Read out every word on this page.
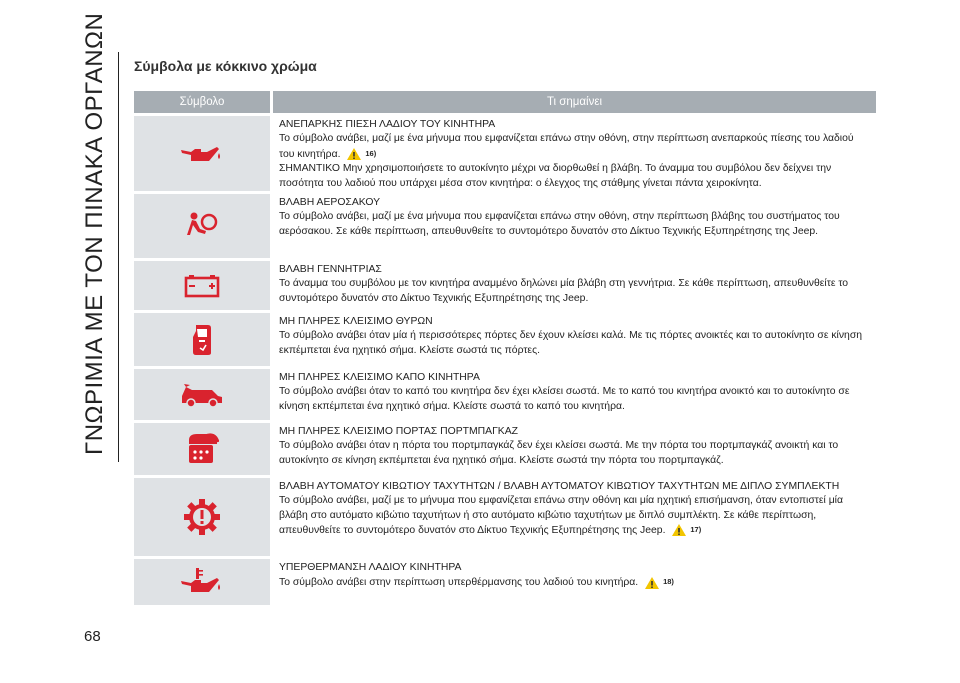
ΓΝΩΡΙΜΙΑ ΜΕ ΤΟΝ ΠΙΝΑΚΑ ΟΡΓΑΝΩΝ
68
Σύμβολα με κόκκινο χρώμα
Σύμβολο	Τι σημαίνει
ΑΝΕΠΑΡΚΗΣ ΠΙΕΣΗ ΛΑΔΙΟΥ ΤΟΥ ΚΙΝΗΤΗΡΑ
Το σύμβολο ανάβει, μαζί με ένα μήνυμα που εμφανίζεται επάνω στην οθόνη, στην περίπτωση ανεπαρκούς πίεσης του λαδιού του κινητήρα.	16)
ΣΗΜΑΝΤΙΚΟ Μην χρησιμοποιήσετε το αυτοκίνητο μέχρι να διορθωθεί η βλάβη. Το άναμμα του συμβόλου δεν δείχνει την ποσότητα του λαδιού που υπάρχει μέσα στον κινητήρα: ο έλεγχος της στάθμης γίνεται πάντα χειροκίνητα.
ΒΛΑΒΗ ΑΕΡΟΣΑΚΟΥ
Το σύμβολο ανάβει, μαζί με ένα μήνυμα που εμφανίζεται επάνω στην οθόνη, στην περίπτωση βλάβης του συστήματος του αερόσακου. Σε κάθε περίπτωση, απευθυνθείτε το συντομότερο δυνατόν στο Δίκτυο Τεχνικής Εξυπηρέτησης της Jeep.
ΒΛΑΒΗ ΓΕΝΝΗΤΡΙΑΣ
Το άναμμα του συμβόλου με τον κινητήρα αναμμένο δηλώνει μία βλάβη στη γεννήτρια. Σε κάθε περίπτωση, απευθυνθείτε το συντομότερο δυνατόν στο Δίκτυο Τεχνικής Εξυπηρέτησης της Jeep.
ΜΗ ΠΛΗΡΕΣ ΚΛΕΙΣΙΜΟ ΘΥΡΩΝ
Το σύμβολο ανάβει όταν μία ή περισσότερες πόρτες δεν έχουν κλείσει καλά. Με τις πόρτες ανοικτές και το αυτοκίνητο σε κίνηση εκπέμπεται ένα ηχητικό σήμα. Κλείστε σωστά τις πόρτες.
ΜΗ ΠΛΗΡΕΣ ΚΛΕΙΣΙΜΟ ΚΑΠΟ ΚΙΝΗΤΗΡΑ
Το σύμβολο ανάβει όταν το καπό του κινητήρα δεν έχει κλείσει σωστά. Με το καπό του κινητήρα ανοικτό και το αυτοκίνητο σε κίνηση εκπέμπεται ένα ηχητικό σήμα. Κλείστε σωστά το καπό του κινητήρα.
ΜΗ ΠΛΗΡΕΣ ΚΛΕΙΣΙΜΟ ΠΟΡΤΑΣ ΠΟΡΤΜΠΑΓΚΑΖ
Το σύμβολο ανάβει όταν η πόρτα του πορτμπαγκάζ δεν έχει κλείσει σωστά. Με την πόρτα του πορτμπαγκάζ ανοικτή και το αυτοκίνητο σε κίνηση εκπέμπεται ένα ηχητικό σήμα. Κλείστε σωστά την πόρτα του πορτμπαγκάζ.
ΒΛΑΒΗ ΑΥΤΟΜΑΤΟΥ ΚΙΒΩΤΙΟΥ ΤΑΧΥΤΗΤΩΝ / ΒΛΑΒΗ ΑΥΤΟΜΑΤΟΥ ΚΙΒΩΤΙΟΥ ΤΑΧΥΤΗΤΩΝ ΜΕ ΔΙΠΛΟ ΣΥΜΠΛΕΚΤΗ
Το σύμβολο ανάβει, μαζί με το μήνυμα που εμφανίζεται επάνω στην οθόνη και μία ηχητική επισήμανση, όταν εντοπιστεί μία βλάβη στο αυτόματο κιβώτιο ταχυτήτων ή στο αυτόματο κιβώτιο ταχυτήτων με διπλό συμπλέκτη. Σε κάθε περίπτωση, απευθυνθείτε το συντομότερο δυνατόν στο Δίκτυο Τεχνικής Εξυπηρέτησης της Jeep.	17)
ΥΠΕΡΘΕΡΜΑΝΣΗ ΛΑΔΙΟΥ ΚΙΝΗΤΗΡΑ
Το σύμβολο ανάβει στην περίπτωση υπερθέρμανσης του λαδιού του κινητήρα.	18)
